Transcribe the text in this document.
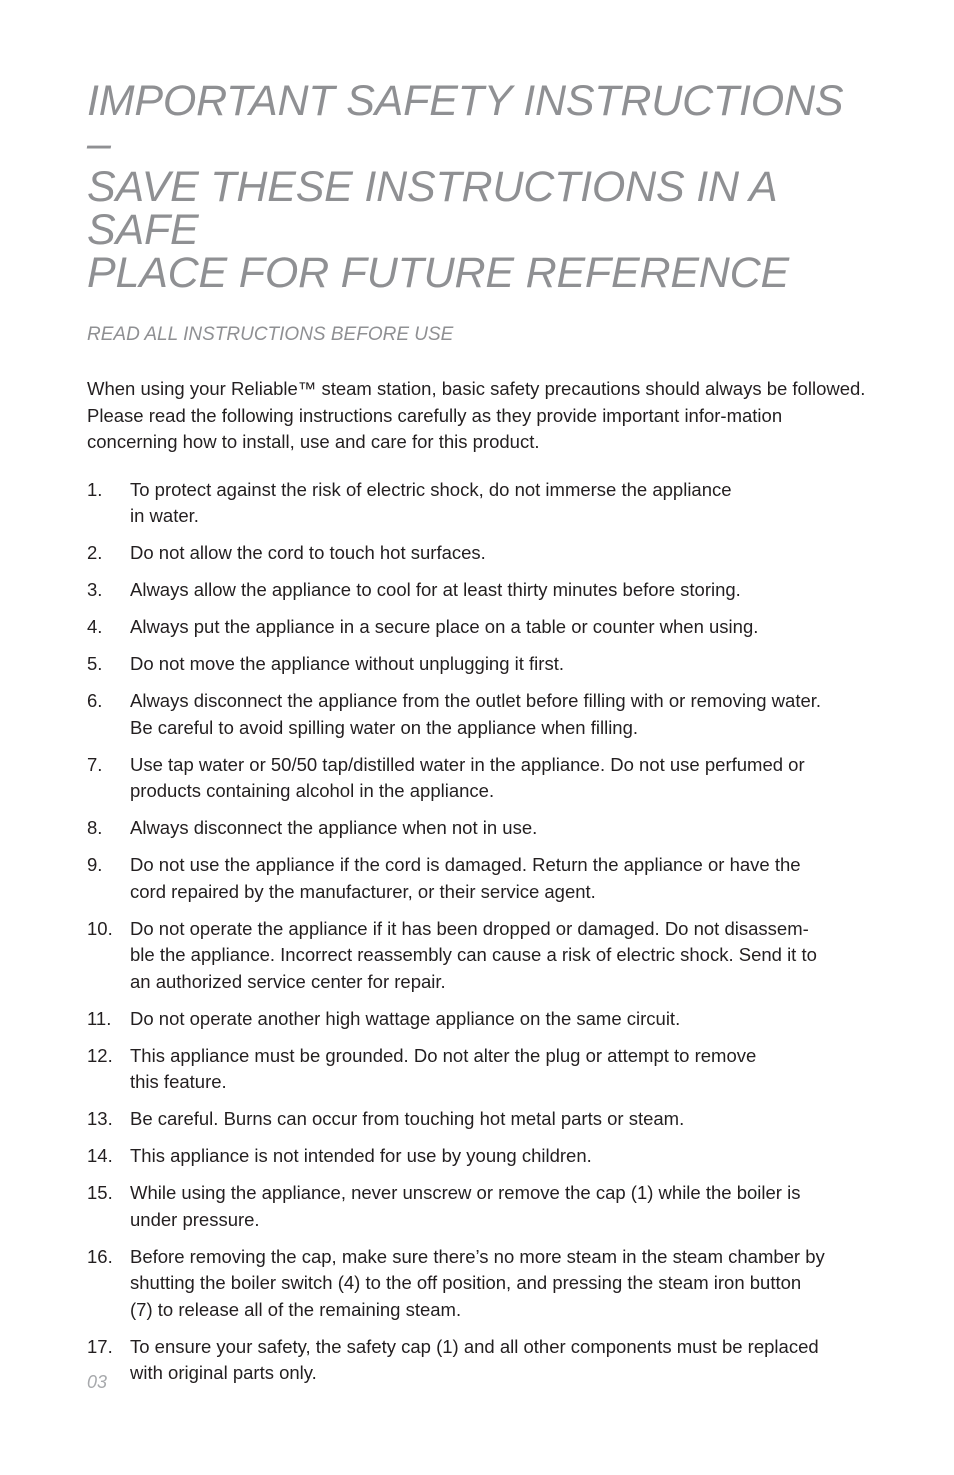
IMPORTANT SAFETY INSTRUCTIONS –
SAVE THESE INSTRUCTIONS IN A SAFE
PLACE FOR FUTURE REFERENCE

READ ALL INSTRUCTIONS BEFORE USE

When using your Reliable™ steam station, basic safety precautions should always be followed. Please read the following instructions carefully as they provide important infor-mation concerning how to install, use and care for this product.

1.	To protect against the risk of electric shock, do not immerse the appliance
in water.
2.	Do not allow the cord to touch hot surfaces.
3.	Always allow the appliance to cool for at least thirty minutes before storing.
4.	Always put the appliance in a secure place on a table or counter when using.
5.	Do not move the appliance without unplugging it first.
6.	Always disconnect the appliance from the outlet before filling with or removing water.
Be careful to avoid spilling water on the appliance when filling.
7.	Use tap water or 50/50 tap/distilled water in the appliance. Do not use perfumed or
products containing alcohol in the appliance.
8.	Always disconnect the appliance when not in use.
9.	Do not use the appliance if the cord is damaged. Return the appliance or have the
cord repaired by the manufacturer, or their service agent.
10. Do not operate the appliance if it has been dropped or damaged. Do not disassem-
ble the appliance. Incorrect reassembly can cause a risk of electric shock. Send it to
an authorized service center for repair.
11.	Do not operate another high wattage appliance on the same circuit.
12. This appliance must be grounded. Do not alter the plug or attempt to remove
this feature.
13. Be careful. Burns can occur from touching hot metal parts or steam.
14. This appliance is not intended for use by young children.
15. While using the appliance, never unscrew or remove the cap (1) while the boiler is
under pressure.
16. Before removing the cap, make sure there’s no more steam in the steam chamber by
shutting the boiler switch (4) to the off position, and pressing the steam iron button
(7) to release all of the remaining steam.
17. To ensure your safety, the safety cap (1) and all other components must be replaced
with original parts only.
03
